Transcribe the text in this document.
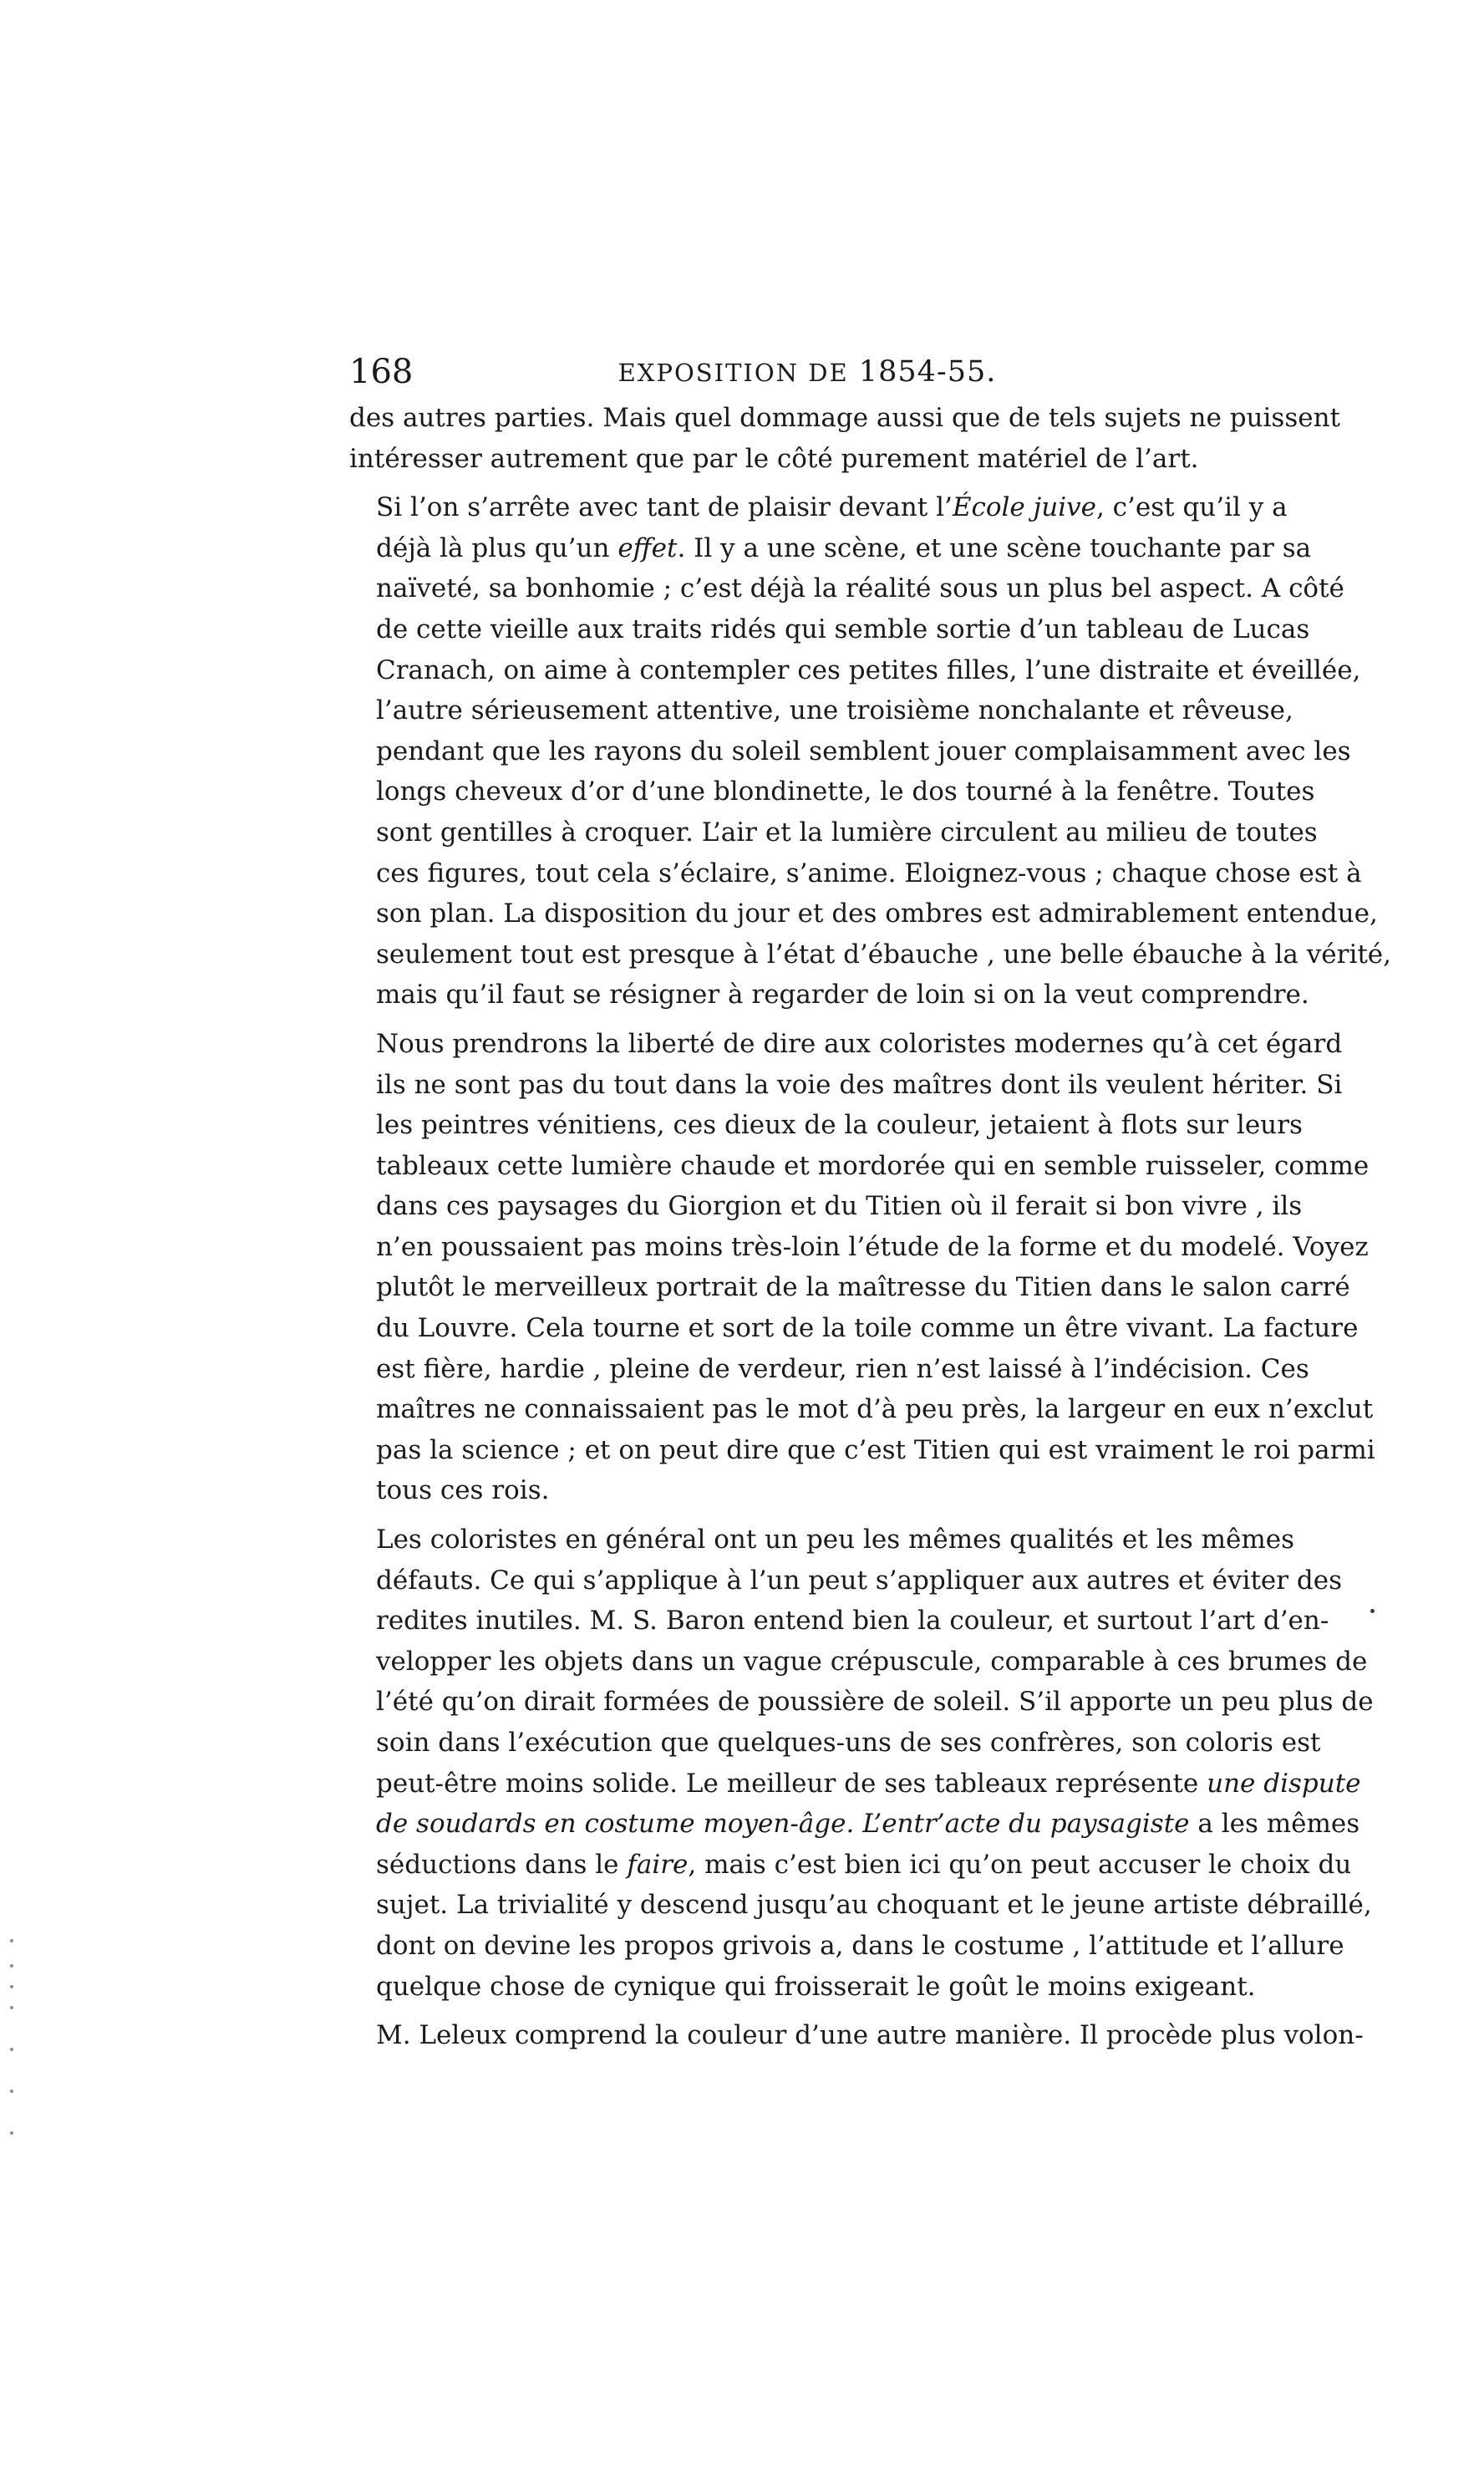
168	EXPOSITION DE 1854-55.
des autres parties. Mais quel dommage aussi que de tels sujets ne puissent
intéresser autrement que par le côté purement matériel de l’art.
Si l’on s’arrête avec tant de plaisir devant l’École juive, c’est qu’il y a
déjà là plus qu’un effet. Il y a une scène, et une scène touchante par sa
naïveté, sa bonhomie ; c’est déjà la réalité sous un plus bel aspect. A côté
de cette vieille aux traits ridés qui semble sortie d’un tableau de Lucas
Cranach, on aime à contempler ces petites filles, l’une distraite et éveillée,
l’autre sérieusement attentive, une troisième nonchalante et rêveuse,
pendant que les rayons du soleil semblent jouer complaisamment avec les
longs cheveux d’or d’une blondinette, le dos tourné à la fenêtre. Toutes
sont gentilles à croquer. L’air et la lumière circulent au milieu de toutes
ces figures, tout cela s’éclaire, s’anime. Eloignez-vous ; chaque chose est à
son plan. La disposition du jour et des ombres est admirablement entendue,
seulement tout est presque à l’état d’ébauche , une belle ébauche à la vérité,
mais qu’il faut se résigner à regarder de loin si on la veut comprendre.
Nous prendrons la liberté de dire aux coloristes modernes qu’à cet égard
ils ne sont pas du tout dans la voie des maîtres dont ils veulent hériter. Si
les peintres vénitiens, ces dieux de la couleur, jetaient à flots sur leurs
tableaux cette lumière chaude et mordorée qui en semble ruisseler, comme
dans ces paysages du Giorgion et du Titien où il ferait si bon vivre , ils
n’en poussaient pas moins très-loin l’étude de la forme et du modelé. Voyez
plutôt le merveilleux portrait de la maîtresse du Titien dans le salon carré
du Louvre. Cela tourne et sort de la toile comme un être vivant. La facture
est fière, hardie , pleine de verdeur, rien n’est laissé à l’indécision. Ces
maîtres ne connaissaient pas le mot d’à peu près, la largeur en eux n’exclut
pas la science ; et on peut dire que c’est Titien qui est vraiment le roi parmi
tous ces rois.
Les coloristes en général ont un peu les mêmes qualités et les mêmes
défauts. Ce qui s’applique à l’un peut s’appliquer aux autres et éviter des
redites inutiles. M. S. Baron entend bien la couleur, et surtout l’art d’en-
velopper les objets dans un vague crépuscule, comparable à ces brumes de
l’été qu’on dirait formées de poussière de soleil. S’il apporte un peu plus de
soin dans l’exécution que quelques-uns de ses confrères, son coloris est
peut-être moins solide. Le meilleur de ses tableaux représente une dispute
de soudards en costume moyen-âge. L’entr’acte du paysagiste a les mêmes
séductions dans le faire, mais c’est bien ici qu’on peut accuser le choix du
sujet. La trivialité y descend jusqu’au choquant et le jeune artiste débraillé,
dont on devine les propos grivois a, dans le costume , l’attitude et l’allure
quelque chose de cynique qui froisserait le goût le moins exigeant.
M. Leleux comprend la couleur d’une autre manière. Il procède plus volon-
